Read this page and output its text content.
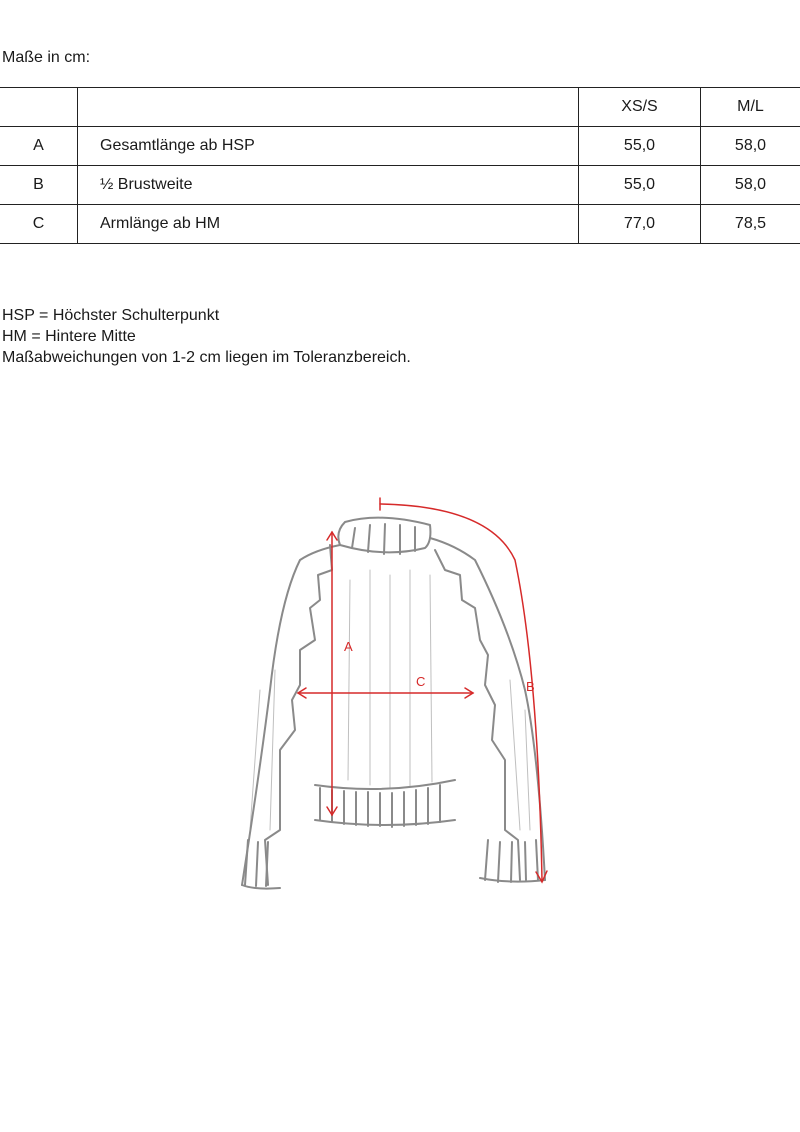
Maße in cm:
		XS/S	M/L
A	Gesamtlänge ab HSP	55,0	58,0
B	½ Brustweite	55,0	58,0
C	Armlänge ab HM	77,0	78,5
HSP = Höchster Schulterpunkt
HM = Hintere Mitte
Maßabweichungen von 1-2 cm liegen im Toleranzbereich.
A
C	B
